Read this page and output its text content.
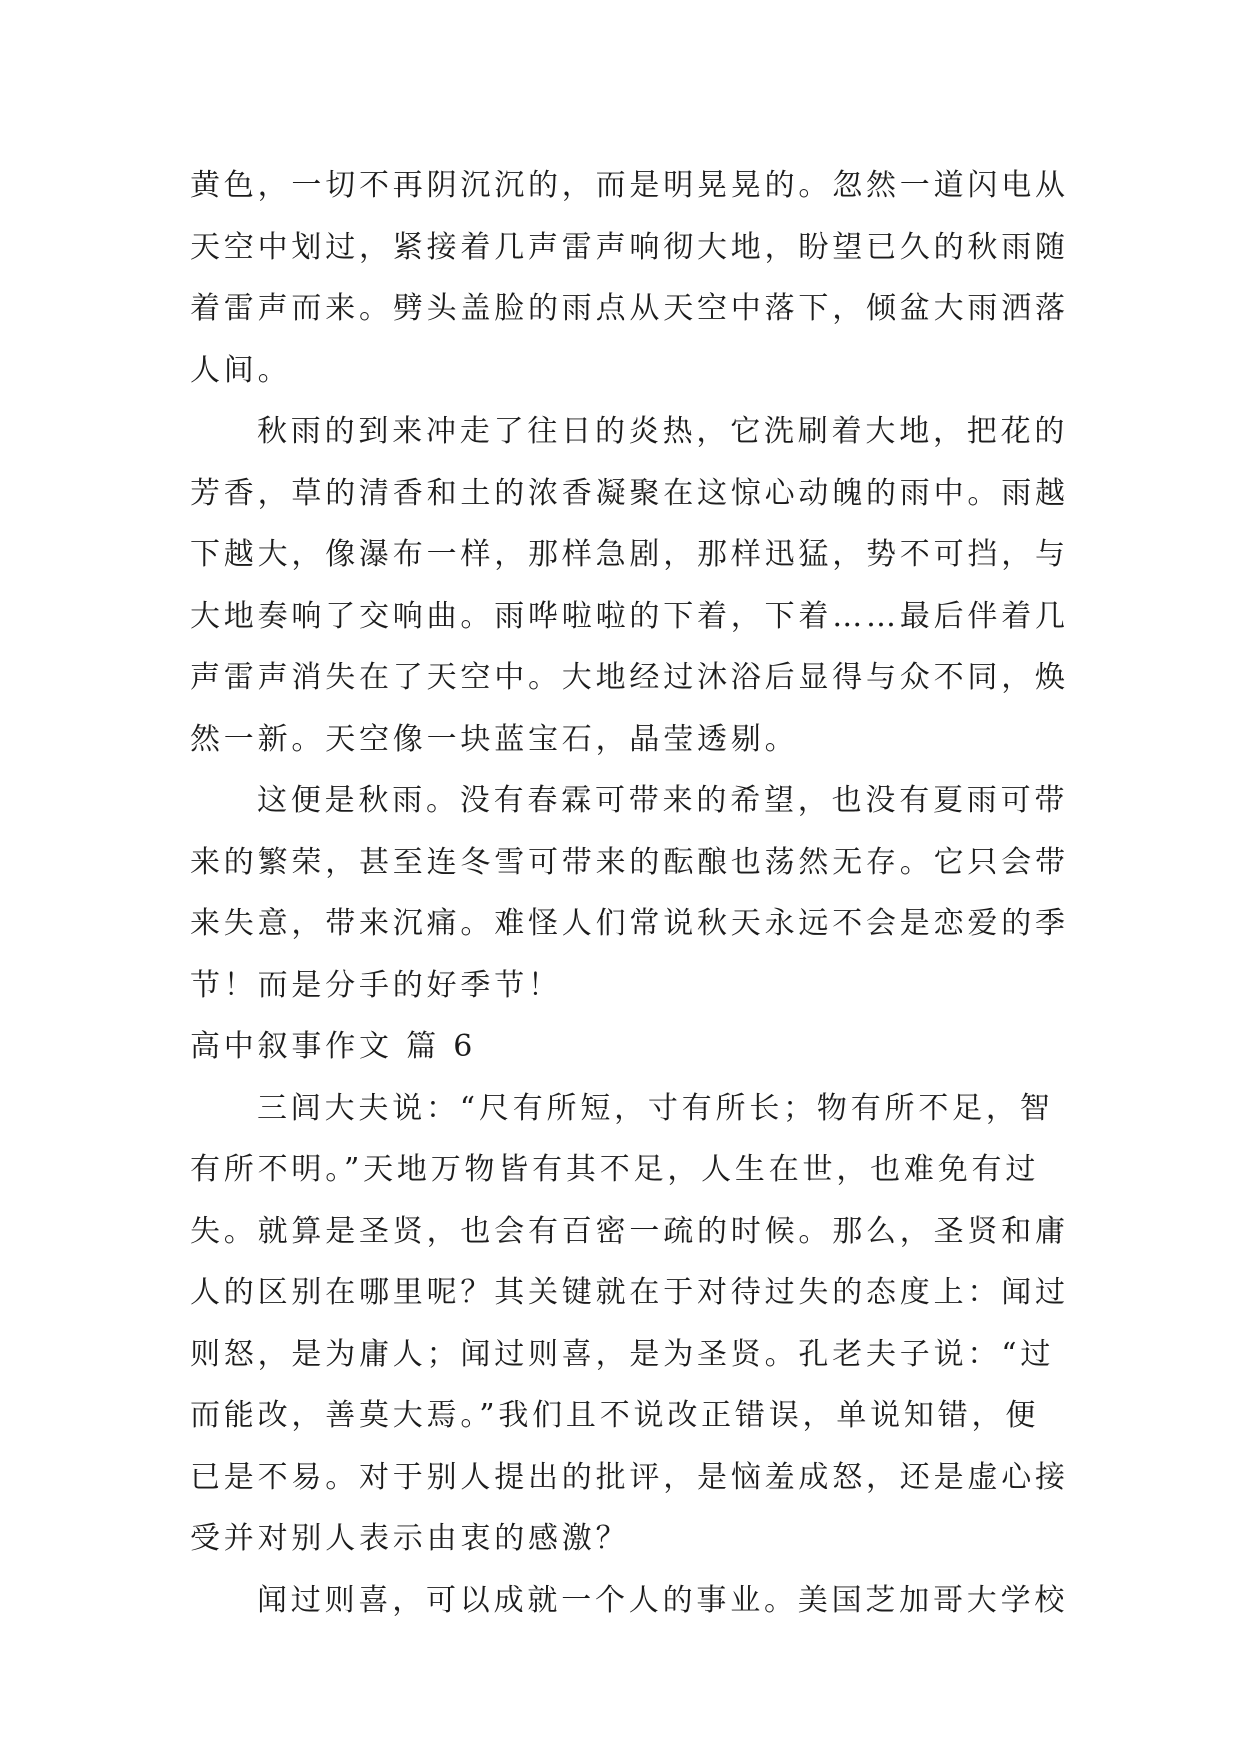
黄色，一切不再阴沉沉的，而是明晃晃的。忽然一道闪电从
天空中划过，紧接着几声雷声响彻大地，盼望已久的秋雨随
着雷声而来。劈头盖脸的雨点从天空中落下，倾盆大雨洒落
人间。
秋雨的到来冲走了往日的炎热，它洗刷着大地，把花的
芳香，草的清香和土的浓香凝聚在这惊心动魄的雨中。雨越
下越大，像瀑布一样，那样急剧，那样迅猛，势不可挡，与
大地奏响了交响曲。雨哗啦啦的下着，下着……最后伴着几
声雷声消失在了天空中。大地经过沐浴后显得与众不同，焕
然一新。天空像一块蓝宝石，晶莹透剔。
这便是秋雨。没有春霖可带来的希望，也没有夏雨可带
来的繁荣，甚至连冬雪可带来的酝酿也荡然无存。它只会带
来失意，带来沉痛。难怪人们常说秋天永远不会是恋爱的季
节！而是分手的好季节！
高中叙事作文 篇 6
三闾大夫说：“尺有所短，寸有所长；物有所不足，智
有所不明。”天地万物皆有其不足，人生在世，也难免有过
失。就算是圣贤，也会有百密一疏的时候。那么，圣贤和庸
人的区别在哪里呢？其关键就在于对待过失的态度上：闻过
则怒，是为庸人；闻过则喜，是为圣贤。孔老夫子说：“过
而能改，善莫大焉。”我们且不说改正错误，单说知错，便
已是不易。对于别人提出的批评，是恼羞成怒，还是虚心接
受并对别人表示由衷的感激？
闻过则喜，可以成就一个人的事业。美国芝加哥大学校
